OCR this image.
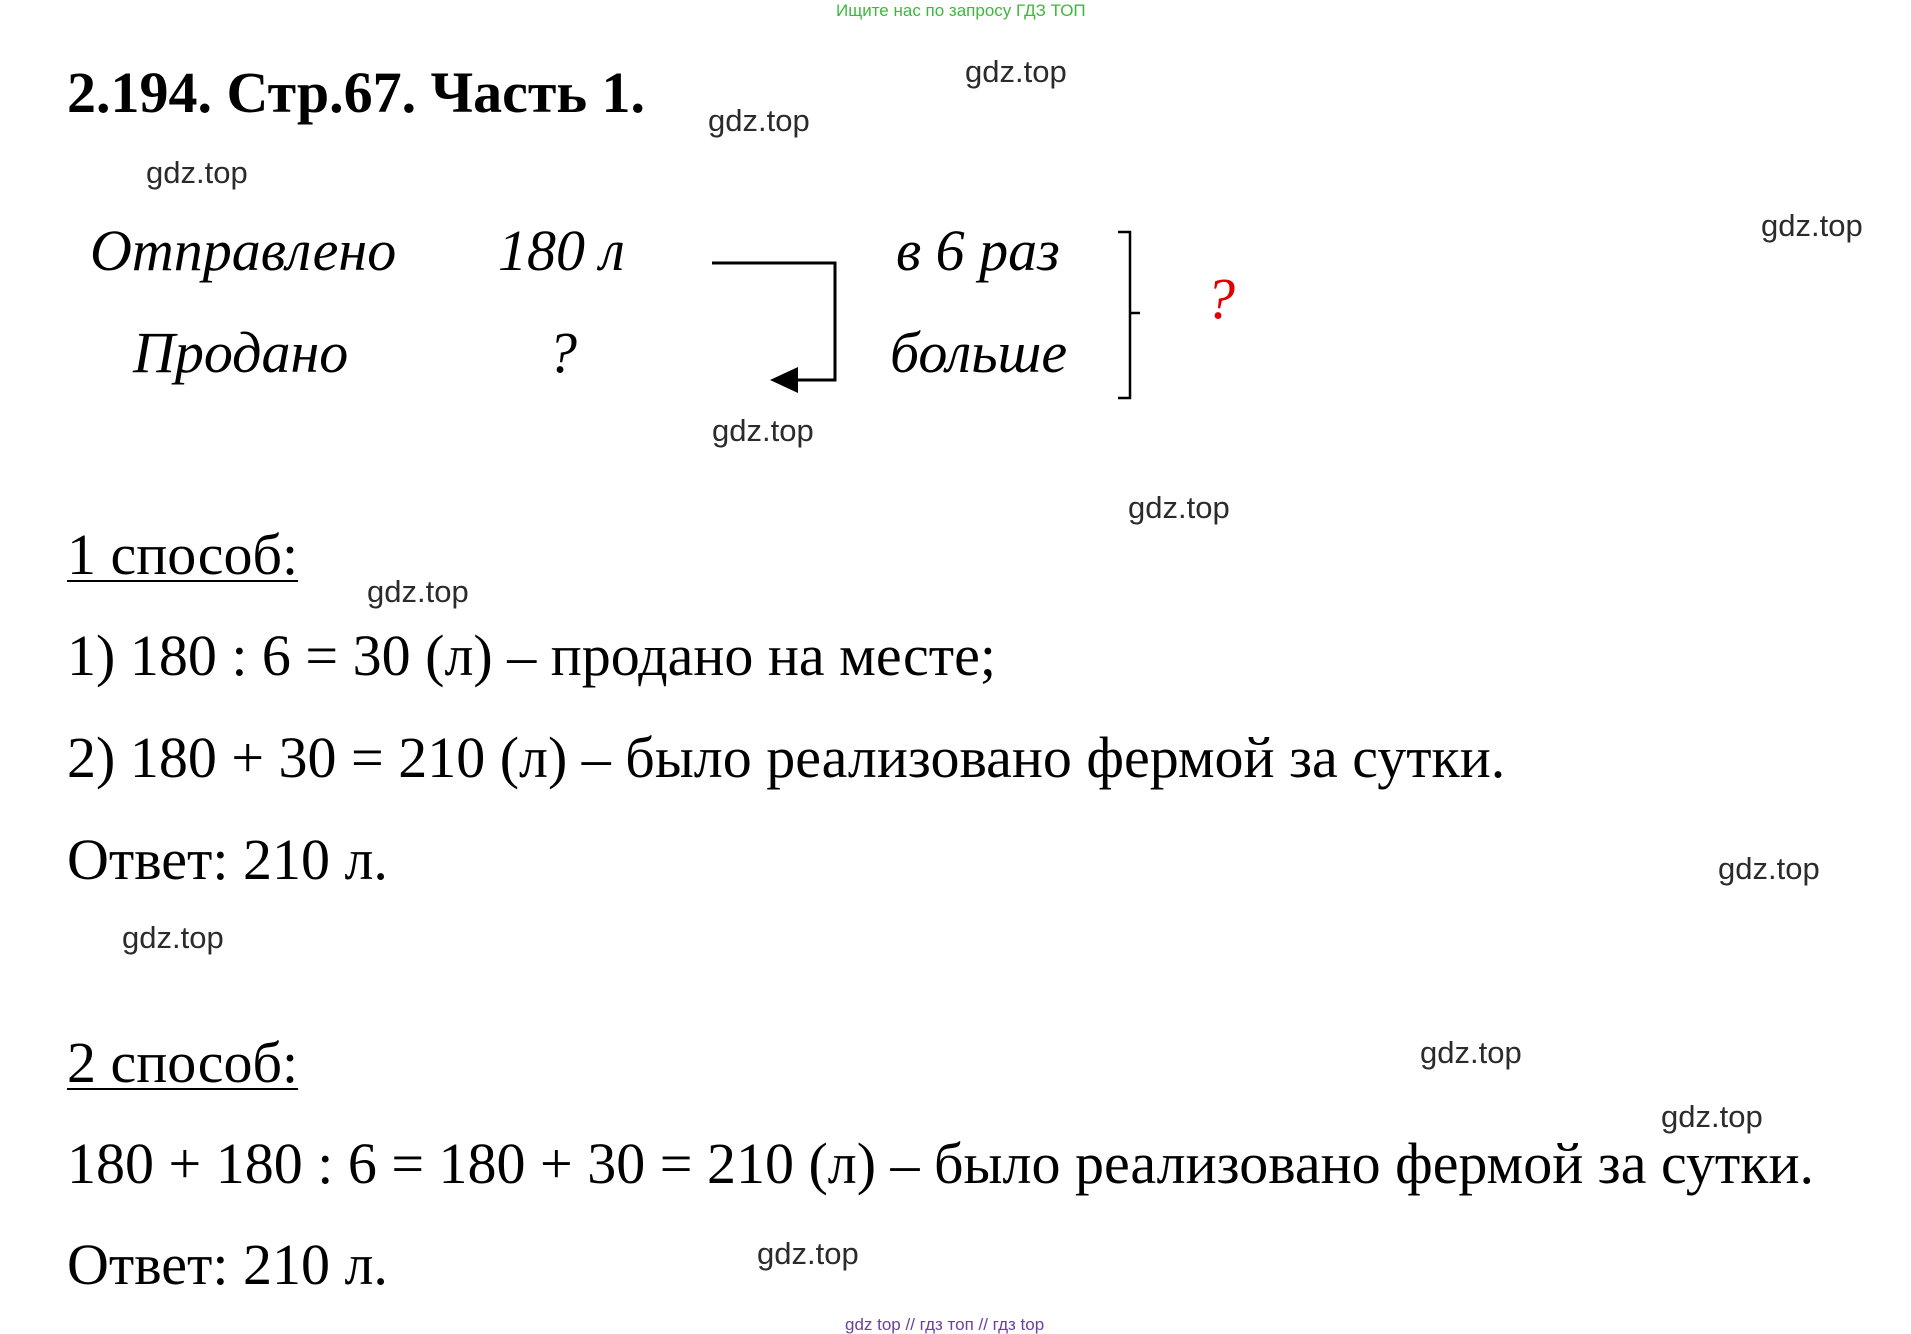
Ищите нас по запросу ГДЗ ТОП
2.194. Стр.67. Часть 1.
Отправлено 180 л
Продано	?
в 6 раз
больше
?
1 способ:
1) 180 : 6 = 30 (л) – продано на месте;
2) 180 + 30 = 210 (л) – было реализовано фермой за сутки.
Ответ: 210 л.
2 способ:
180 + 180 : 6 = 180 + 30 = 210 (л) – было реализовано фермой за сутки.
Ответ: 210 л.
gdz.top
gdz.top
gdz.top
gdz.top
gdz.top
gdz.top
gdz.top
gdz.top
gdz.top
gdz.top
gdz.top
gdz.top
gdz top // гдз топ // гдз top
